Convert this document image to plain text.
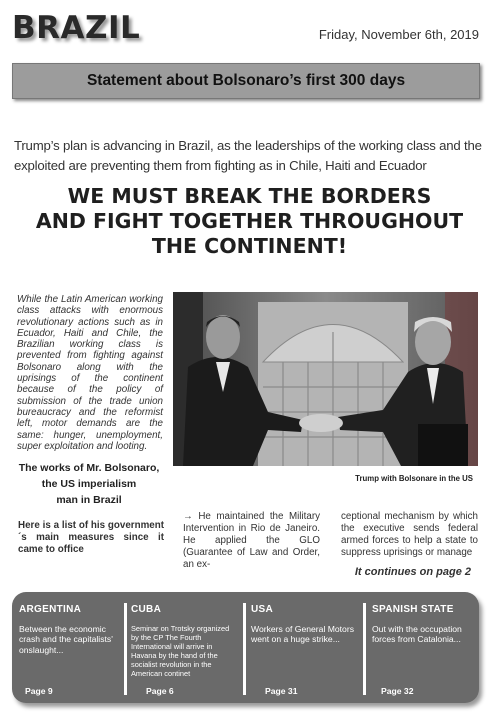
BRAZIL	Friday, November 6th, 2019
Statement about Bolsonaro’s first 300 days
Trump’s plan is advancing in Brazil, as the leaderships of the working class and the exploited are preventing them from fighting as in Chile, Haiti and Ecuador
WE MUST BREAK THE BORDERS
AND FIGHT TOGETHER THROUGHOUT
THE CONTINENT!
While the Latin American working class attacks with enormous revolutionary actions such as in Ecuador, Haiti and Chile, the Brazilian working class is prevented from fighting against Bolsonaro along with the uprisings of the continent because of the policy of submission of the trade union bureaucracy and the reformist left, motor demands are the same: hunger, unemployment, super exploitation and looting.
The works of Mr. Bolsonaro,
the US imperialism
man in Brazil
Here is a list of his government´s main measures since it came to office
Trump with Bolsonare in the US
→ He maintained the Military Intervention in Rio de Janeiro. He applied the GLO (Guarantee of Law and Order, an ex-
ceptional mechanism by which the executive sends federal armed forces to help a state to suppress uprisings or manage
It continues on page 2
ARGENTINA
Between the economic crash and the capitalists' onslaught...
CUBA
Seminar on Trotsky organized by the CP The Fourth International will arrive in Havana by the hand of the socialist revolution in the American continet
USA
Workers of General Motors went on a huge strike...
SPANISH STATE
Out with the occupation forces from Catalonia...
Page 9	Page 6	Page 31	Page 32
